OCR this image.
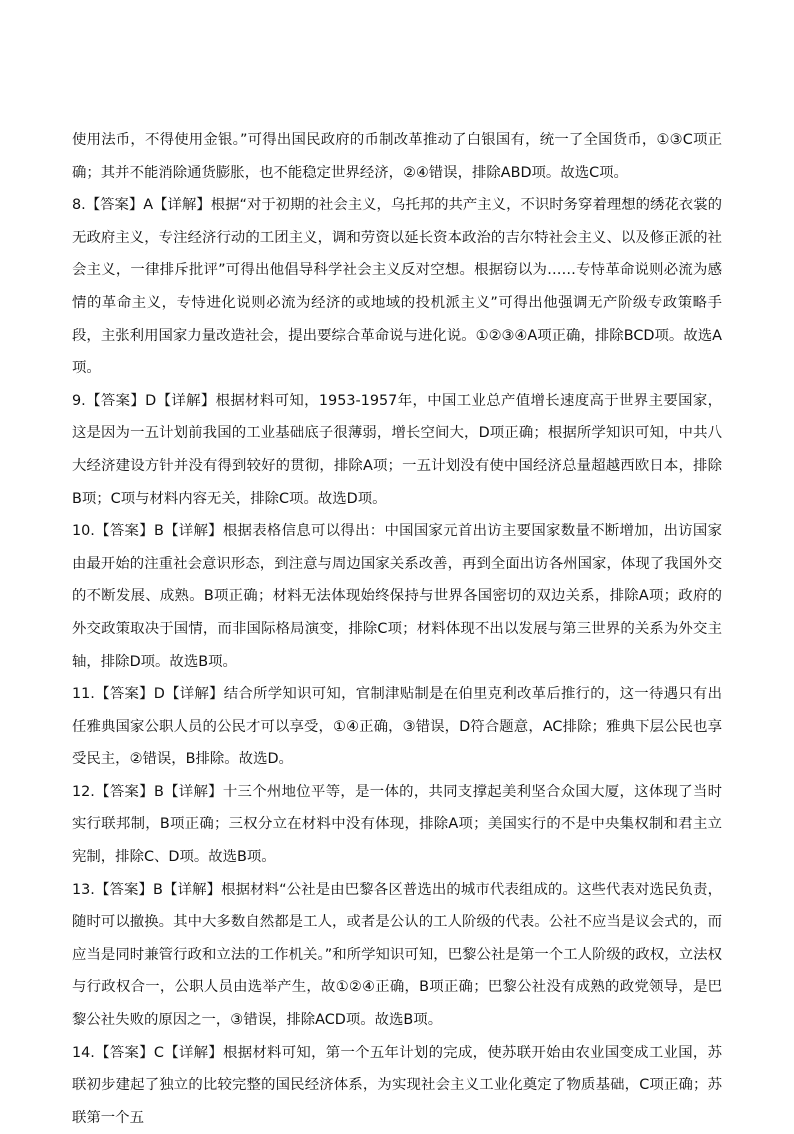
使用法币，不得使用金银。”可得出国民政府的币制改革推动了白银国有，统一了全国货币，①③C项正确；其并不能消除通货膨胀，也不能稳定世界经济，②④错误，排除ABD项。故选C项。

8.【答案】A【详解】根据“对于初期的社会主义，乌托邦的共产主义，不识时务穿着理想的绣花衣裳的无政府主义，专注经济行动的工团主义，调和劳资以延长资本政治的吉尔特社会主义、以及修正派的社会主义，一律排斥批评”可得出他倡导科学社会主义反对空想。根据窃以为……专恃革命说则必流为感情的革命主义，专恃进化说则必流为经济的或地域的投机派主义”可得出他强调无产阶级专政策略手段，主张利用国家力量改造社会，提出要综合革命说与进化说。①②③④A项正确，排除BCD项。故选A项。

9.【答案】D【详解】根据材料可知，1953-1957年，中国工业总产值增长速度高于世界主要国家，这是因为一五计划前我国的工业基础底子很薄弱，增长空间大，D项正确；根据所学知识可知，中共八大经济建设方针并没有得到较好的贯彻，排除A项；一五计划没有使中国经济总量超越西欧日本，排除B项；C项与材料内容无关，排除C项。故选D项。

10.【答案】B【详解】根据表格信息可以得出：中国国家元首出访主要国家数量不断增加，出访国家由最开始的注重社会意识形态，到注意与周边国家关系改善，再到全面出访各州国家，体现了我国外交的不断发展、成熟。B项正确；材料无法体现始终保持与世界各国密切的双边关系，排除A项；政府的外交政策取决于国情，而非国际格局演变，排除C项；材料体现不出以发展与第三世界的关系为外交主轴，排除D项。故选B项。

11.【答案】D【详解】结合所学知识可知，官制津贴制是在伯里克利改革后推行的，这一待遇只有出任雅典国家公职人员的公民才可以享受，①④正确，③错误，D符合题意，AC排除；雅典下层公民也享受民主，②错误，B排除。故选D。

12.【答案】B【详解】十三个州地位平等，是一体的，共同支撑起美利坚合众国大厦，这体现了当时实行联邦制，B项正确；三权分立在材料中没有体现，排除A项；美国实行的不是中央集权制和君主立宪制，排除C、D项。故选B项。

13.【答案】B【详解】根据材料“公社是由巴黎各区普选出的城市代表组成的。这些代表对选民负责，随时可以撤换。其中大多数自然都是工人，或者是公认的工人阶级的代表。公社不应当是议会式的，而应当是同时兼管行政和立法的工作机关。”和所学知识可知，巴黎公社是第一个工人阶级的政权，立法权与行政权合一，公职人员由选举产生，故①②④正确，B项正确；巴黎公社没有成熟的政党领导，是巴黎公社失败的原因之一，③错误，排除ACD项。故选B项。

14.【答案】C【详解】根据材料可知，第一个五年计划的完成，使苏联开始由农业国变成工业国，苏联初步建起了独立的比较完整的国民经济体系，为实现社会主义工业化奠定了物质基础，C项正确；苏联第一个五
